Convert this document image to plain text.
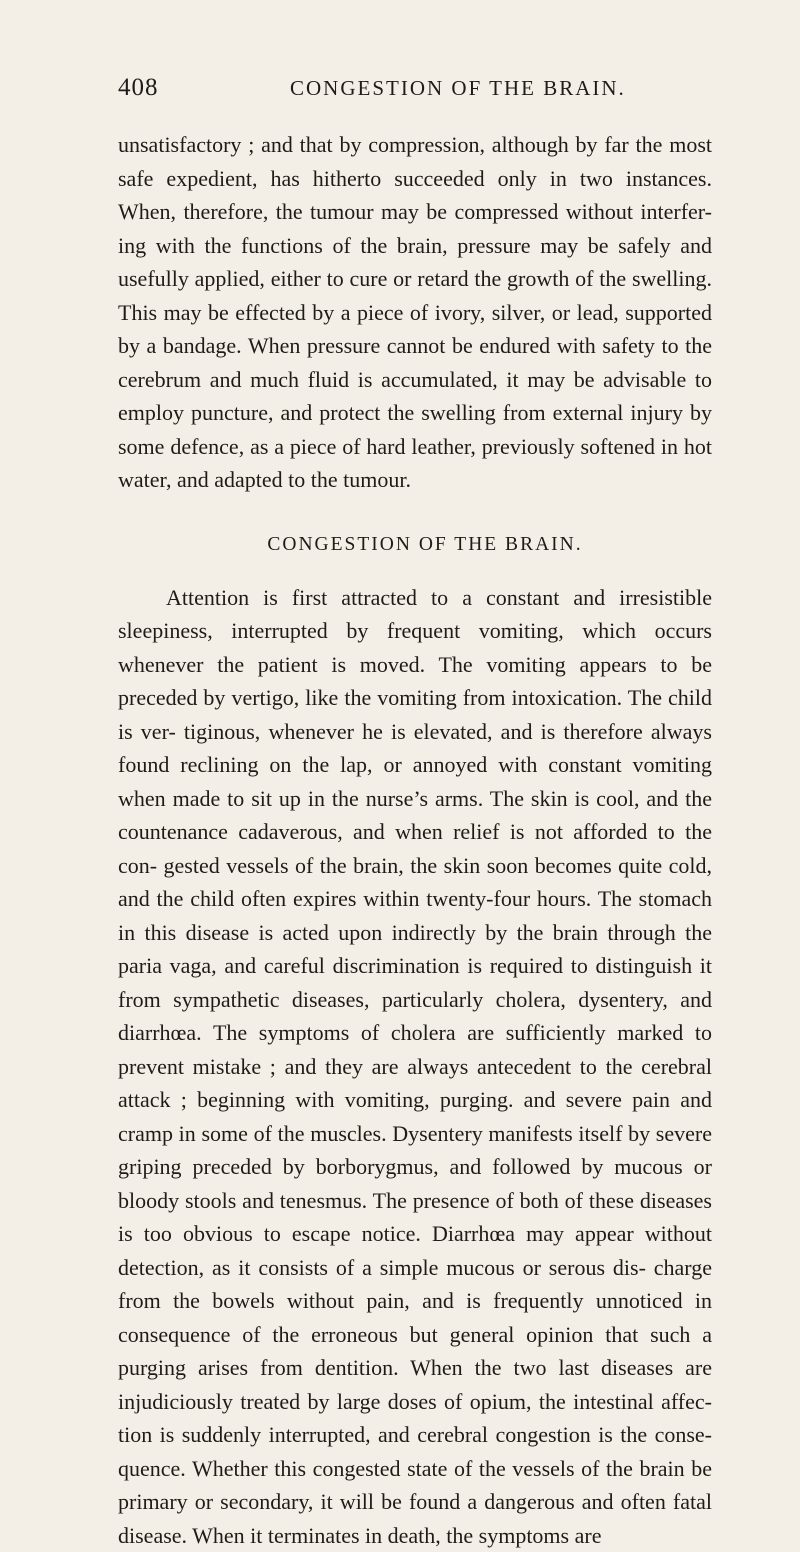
408	CONGESTION OF THE BRAIN.

unsatisfactory ; and that by compression, although by far the most safe expedient, has hitherto succeeded only in two instances. When, therefore, the tumour may be compressed without interfer- ing with the functions of the brain, pressure may be safely and usefully applied, either to cure or retard the growth of the swelling. This may be effected by a piece of ivory, silver, or lead, supported by a bandage. When pressure cannot be endured with safety to the cerebrum and much fluid is accumulated, it may be advisable to employ puncture, and protect the swelling from external injury by some defence, as a piece of hard leather, previously softened in hot water, and adapted to the tumour.

CONGESTION OF THE BRAIN.

Attention is first attracted to a constant and irresistible sleepiness, interrupted by frequent vomiting, which occurs whenever the patient is moved. The vomiting appears to be preceded by vertigo, like the vomiting from intoxication. The child is ver- tiginous, whenever he is elevated, and is therefore always found reclining on the lap, or annoyed with constant vomiting when made to sit up in the nurse’s arms. The skin is cool, and the countenance cadaverous, and when relief is not afforded to the con- gested vessels of the brain, the skin soon becomes quite cold, and the child often expires within twenty-four hours. The stomach in this disease is acted upon indirectly by the brain through the paria vaga, and careful discrimination is required to distinguish it from sympathetic diseases, particularly cholera, dysentery, and diarrhœa. The symptoms of cholera are sufficiently marked to prevent mistake ; and they are always antecedent to the cerebral attack ; beginning with vomiting, purging. and severe pain and cramp in some of the muscles. Dysentery manifests itself by severe griping preceded by borborygmus, and followed by mucous or bloody stools and tenesmus. The presence of both of these diseases is too obvious to escape notice. Diarrhœa may appear without detection, as it consists of a simple mucous or serous dis- charge from the bowels without pain, and is frequently unnoticed in consequence of the erroneous but general opinion that such a purging arises from dentition. When the two last diseases are injudiciously treated by large doses of opium, the intestinal affec- tion is suddenly interrupted, and cerebral congestion is the conse- quence. Whether this congested state of the vessels of the brain be primary or secondary, it will be found a dangerous and often fatal disease. When it terminates in death, the symptoms are
